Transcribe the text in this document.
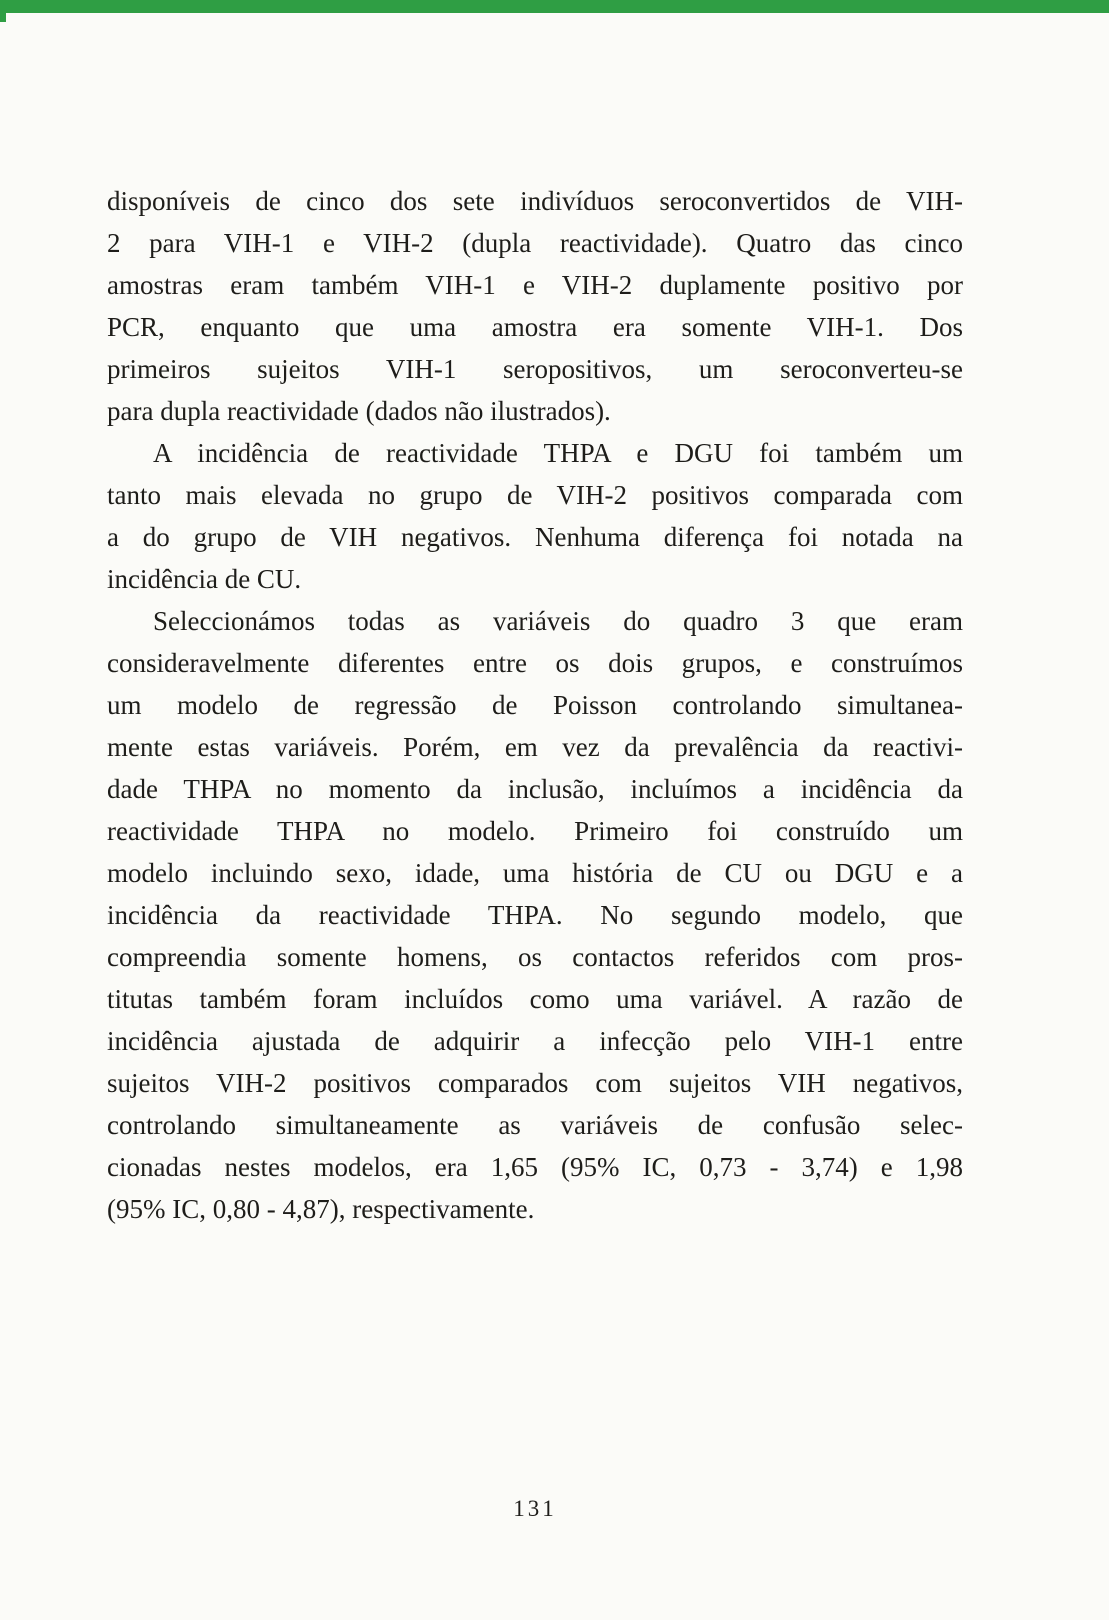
disponíveis de cinco dos sete indivíduos seroconvertidos de VIH-
2 para VIH-1 e VIH-2 (dupla reactividade). Quatro das cinco
amostras eram também VIH-1 e VIH-2 duplamente positivo por
PCR, enquanto que uma amostra era somente VIH-1. Dos
primeiros sujeitos VIH-1 seropositivos, um seroconverteu-se
para dupla reactividade (dados não ilustrados).
A incidência de reactividade THPA e DGU foi também um
tanto mais elevada no grupo de VIH-2 positivos comparada com
a do grupo de VIH negativos. Nenhuma diferença foi notada na
incidência de CU.
Seleccionámos todas as variáveis do quadro 3 que eram
consideravelmente diferentes entre os dois grupos, e construímos
um modelo de regressão de Poisson controlando simultanea-
mente estas variáveis. Porém, em vez da prevalência da reactivi-
dade THPA no momento da inclusão, incluímos a incidência da
reactividade THPA no modelo. Primeiro foi construído um
modelo incluindo sexo, idade, uma história de CU ou DGU e a
incidência da reactividade THPA. No segundo modelo, que
compreendia somente homens, os contactos referidos com pros-
titutas também foram incluídos como uma variável. A razão de
incidência ajustada de adquirir a infecção pelo VIH-1 entre
sujeitos VIH-2 positivos comparados com sujeitos VIH negativos,
controlando simultaneamente as variáveis de confusão selec-
cionadas nestes modelos, era 1,65 (95% IC, 0,73 - 3,74) e 1,98
(95% IC, 0,80 - 4,87), respectivamente.
131
